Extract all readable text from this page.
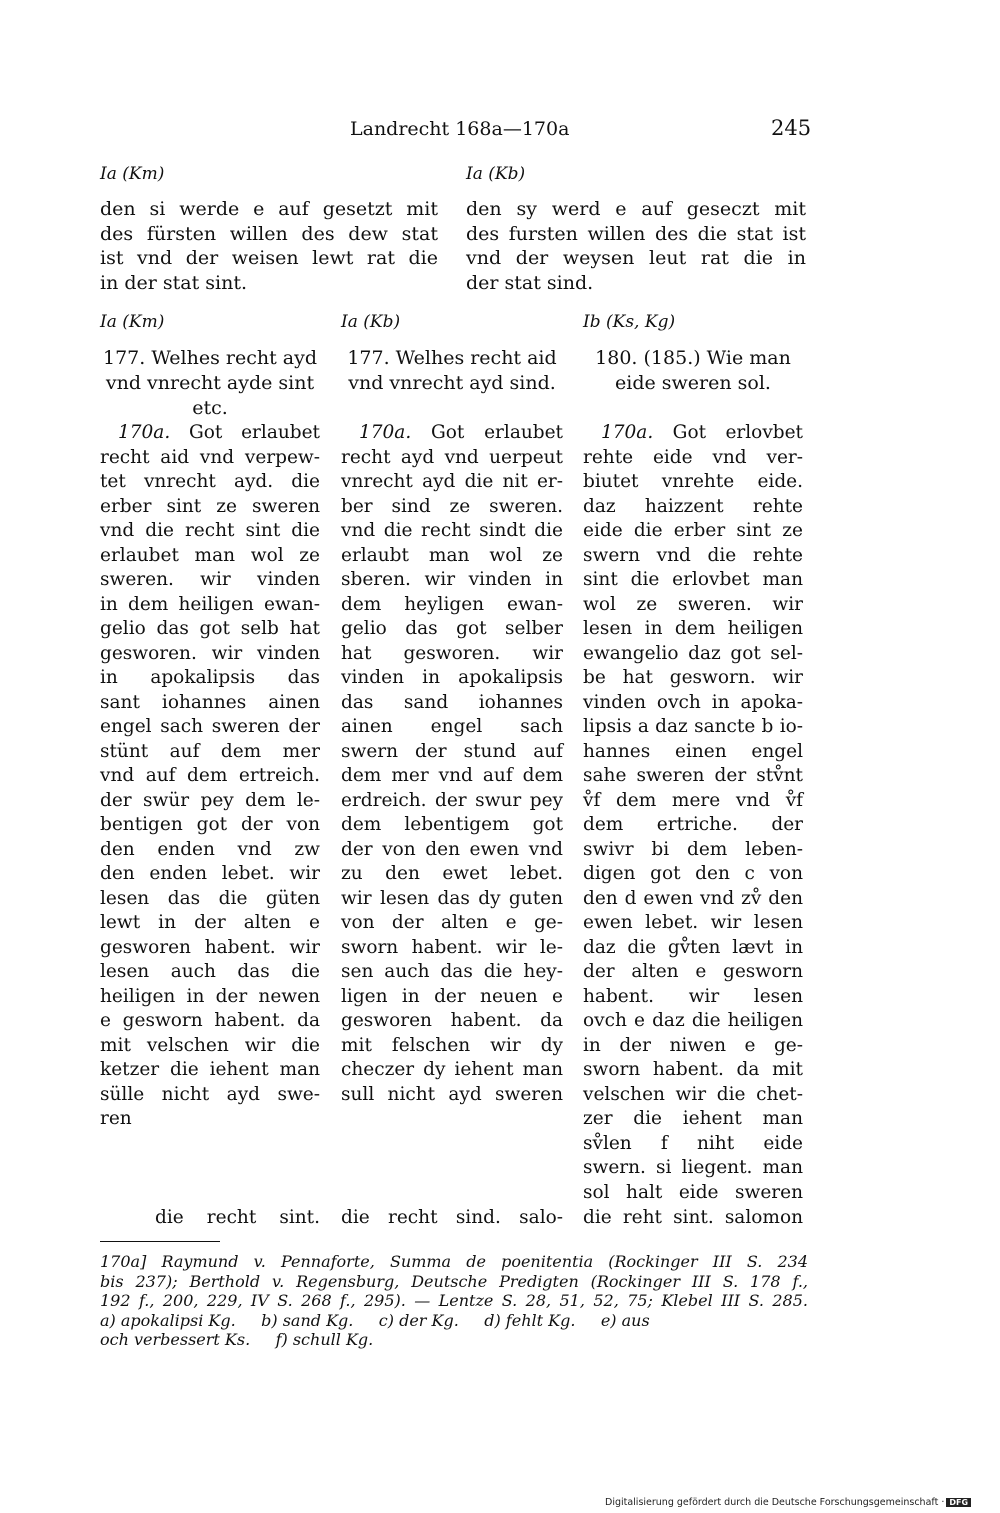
Landrecht 168a—170a	245
Ia (Km)	Ia (Kb)
den si werde e auf gesetzt mit
des fürsten willen des dew stat
ist vnd der weisen lewt rat die
in der stat sint.
den sy werd e auf geseczt mit
des fursten willen des die stat ist
vnd der weysen leut rat die in
der stat sind.
Ia (Km)
177. Welhes recht ayd
vnd vnrecht ayde sint
etc.
170a. Got erlaubet
recht aid vnd verpew-
tet vnrecht ayd. die
erber sint ze sweren
vnd die recht sint die
erlaubet man wol ze
sweren. wir vinden
in dem heiligen ewan-
gelio das got selb hat
gesworen. wir vinden
in apokalipsis das
sant iohannes ainen
engel sach sweren der
stünt auf dem mer
vnd auf dem ertreich.
der swür pey dem le-
bentigen got der von
den enden vnd zw
den enden lebet. wir
lesen das die güten
lewt in der alten e
gesworen habent. wir
lesen auch das die
heiligen in der newen
e gesworn habent. da
mit velschen wir die
ketzer die iehent man
sülle nicht ayd swe-
ren
Ia (Kb)
177. Welhes recht aid
vnd vnrecht ayd sind.
170a. Got erlaubet
recht ayd vnd uerpeut
vnrecht ayd die nit er-
ber sind ze sweren.
vnd die recht sindt die
erlaubt man wol ze
sberen. wir vinden in
dem heyligen ewan-
gelio das got selber
hat gesworen. wir
vinden in apokalipsis
das sand iohannes
ainen engel sach
swern der stund auf
dem mer vnd auf dem
erdreich. der swur pey
dem lebentigem got
der von den ewen vnd
zu den ewet lebet.
wir lesen das dy guten
von der alten e ge-
sworn habent. wir le-
sen auch das die hey-
ligen in der neuen e
gesworen habent. da
mit felschen wir dy
checzer dy iehent man
sull nicht ayd sweren
Ib (Ks, Kg)
180. (185.) Wie man
eide sweren sol.
170a. Got erlovbet
rehte eide vnd ver-
biutet vnrehte eide.
daz haizzent rehte
eide die erber sint ze
swern vnd die rehte
sint die erlovbet man
wol ze sweren. wir
lesen in dem heiligen
ewangelio daz got sel-
be hat gesworn. wir
vinden ovch in apoka-
lipsis a daz sancte b io-
hannes einen engel
sahe sweren der stv̊nt
v̊f dem mere vnd v̊f
dem ertriche. der
swivr bi dem leben-
digen got den c von
den d ewen vnd zv̊ den
ewen lebet. wir lesen
daz die gv̊ten lævt in
der alten e gesworn
habent. wir lesen
ovch e daz die heiligen
in der niwen e ge-
sworn habent. da mit
velschen wir die chet-
zer die iehent man
sv̊len f niht eide
swern. si liegent. man
sol halt eide sweren
die recht sint. die recht sind. salo- die reht sint. salomon
170a] Raymund v. Pennaforte, Summa de poenitentia (Rockinger III S. 234
bis 237); Berthold v. Regensburg, Deutsche Predigten (Rockinger III S. 178 f.,
192 f., 200, 229, IV S. 268 f., 295). — Lentze S. 28, 51, 52, 75; Klebel III S. 285.
a) apokalipsi Kg.     b) sand Kg.     c) der Kg.     d) fehlt Kg.     e) aus
och verbessert Ks.     f) schull Kg.
Digitalisierung gefördert durch die Deutsche Forschungsgemeinschaft · DFG
